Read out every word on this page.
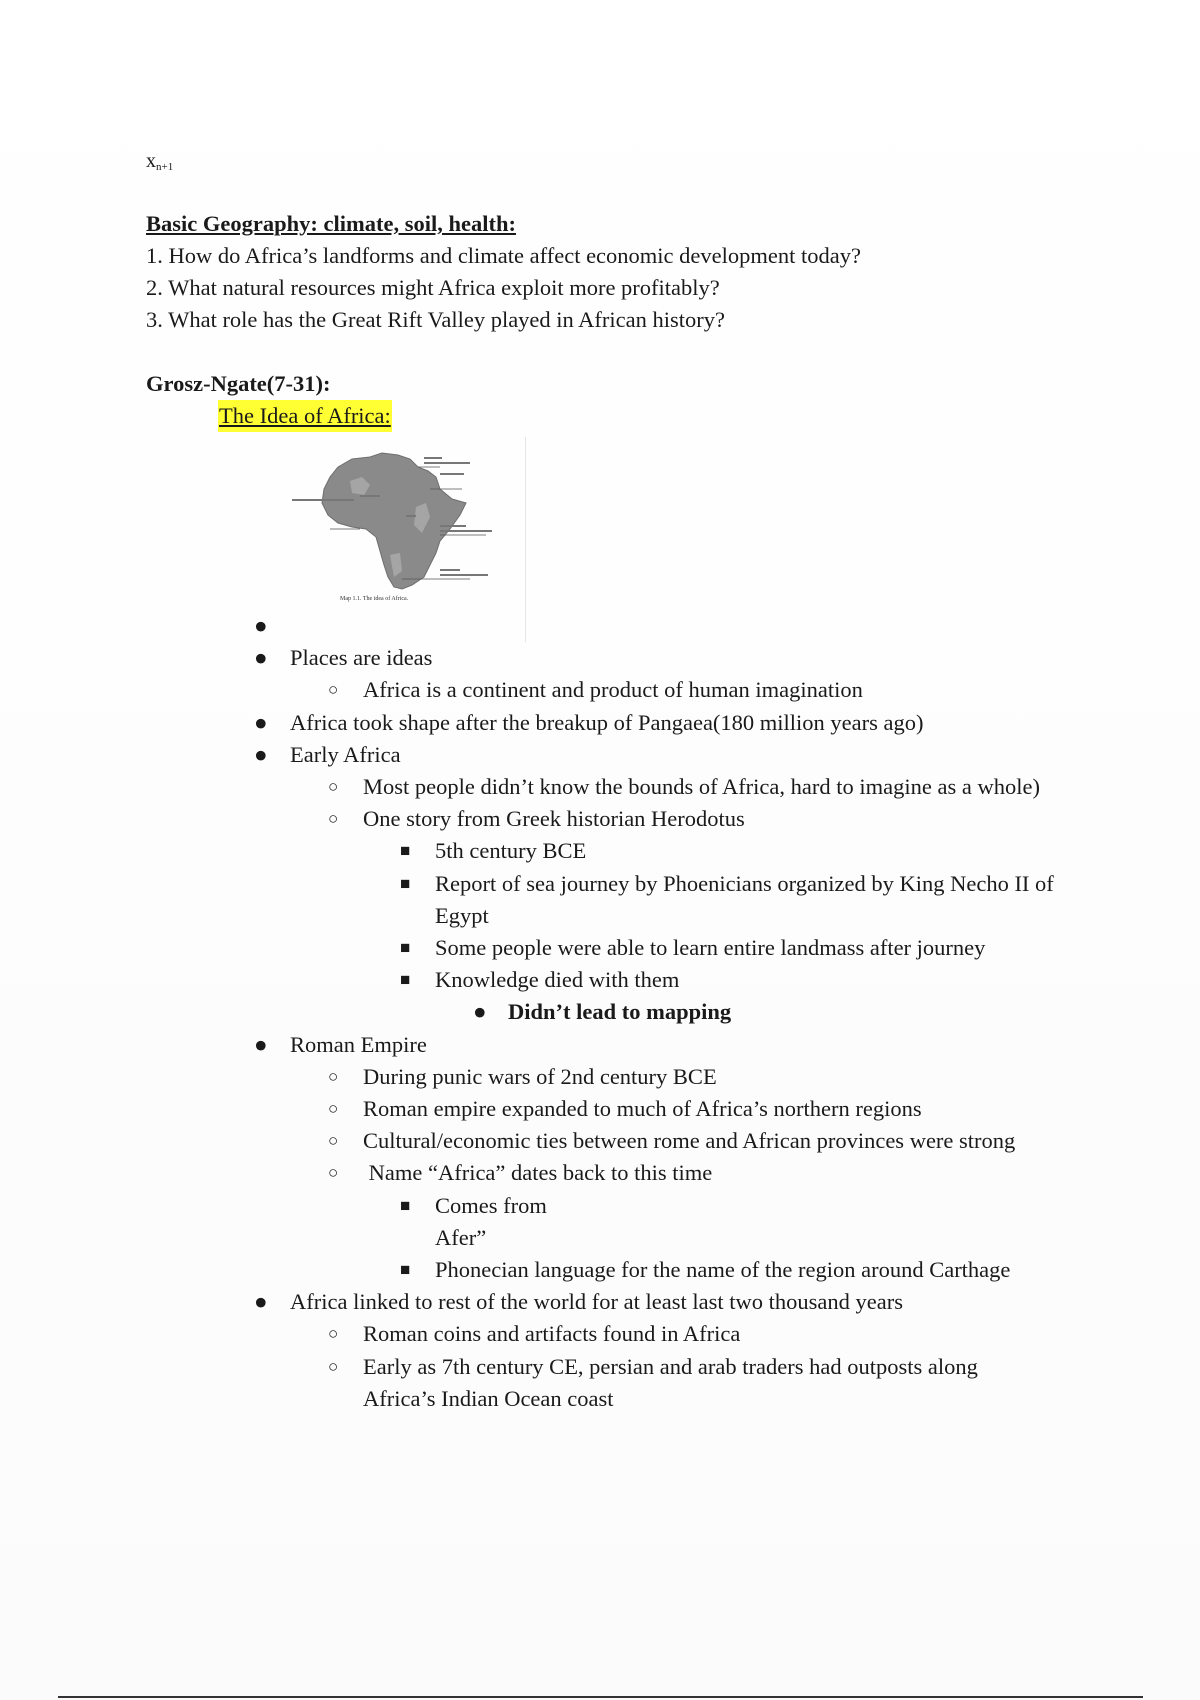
$x_{n+1}$
Basic Geography: climate, soil, health:
1. How do Africa’s landforms and climate affect economic development today?
2. What natural resources might Africa exploit more profitably?
3. What role has the Great Rift Valley played in African history?
Grosz-Ngate(7-31):
The Idea of Africa:
Map 1.1. The idea of Africa.
●

● Places are ideas
○ Africa is a continent and product of human imagination
● Africa took shape after the breakup of Pangaea(180 million years ago)
● Early Africa
○ Most people didn’t know the bounds of Africa, hard to imagine as a whole)
○ One story from Greek historian Herodotus
■ 5th century BCE
■ Report of sea journey by Phoenicians organized by King Necho II of Egypt
■ Some people were able to learn entire landmass after journey
■ Knowledge died with them
● Didn’t lead to mapping
● Roman Empire
○ During punic wars of 2nd century BCE
○ Roman empire expanded to much of Africa’s northern regions
○ Cultural/economic ties between rome and African provinces were strong
○ Name “Africa” dates back to this time
■ Comes from
Afer”
■ Phonecian language for the name of the region around Carthage
● Africa linked to rest of the world for at least last two thousand years
○ Roman coins and artifacts found in Africa
○ Early as 7th century CE, persian and arab traders had outposts along Africa’s Indian Ocean coast
